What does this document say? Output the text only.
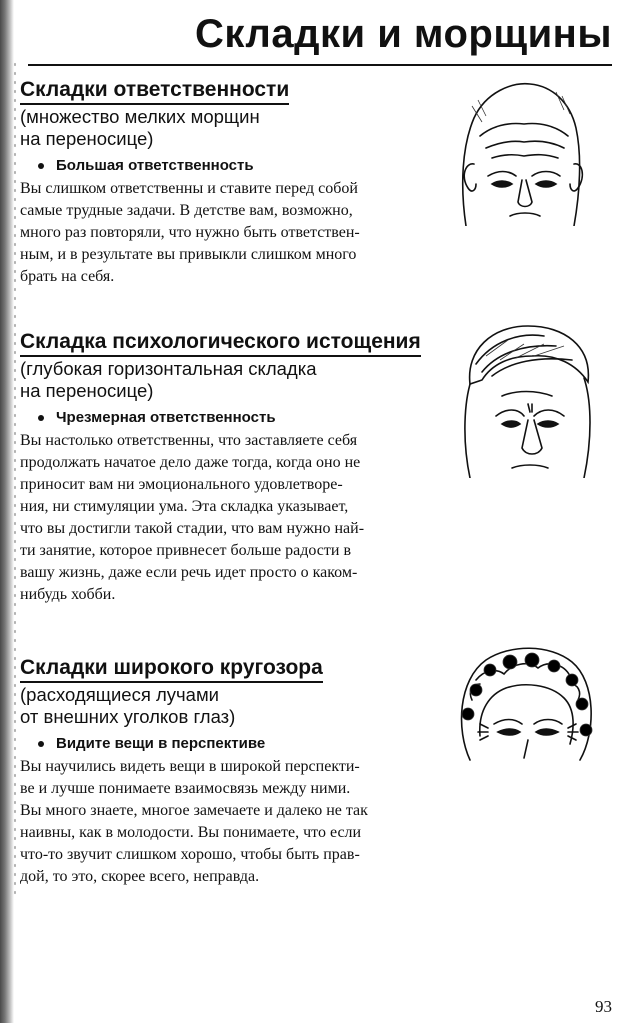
Складки и морщины
Складки ответственности

(множество мелких морщин

на переносице)

Большая ответственность

Вы слишком ответственны и ставите перед собой

самые трудные задачи. В детстве вам, возможно,

много раз повторяли, что нужно быть ответствен-

ным, и в результате вы привыкли слишком много

брать на себя.

Складка психологического истощения

(глубокая горизонтальная складка

на переносице)

Чрезмерная ответственность

Вы настолько ответственны, что заставляете себя

продолжать начатое дело даже тогда, когда оно не

приносит вам ни эмоционального удовлетворе-

ния, ни стимуляции ума. Эта складка указывает,

что вы достигли такой стадии, что вам нужно най-

ти занятие, которое привнесет больше радости в

вашу жизнь, даже если речь идет просто о каком-

нибудь хобби.

Складки широкого кругозора

(расходящиеся лучами

от внешних уголков глаз)

Видите вещи в перспективе

Вы научились видеть вещи в широкой перспекти-

ве и лучше понимаете взаимосвязь между ними.

Вы много знаете, многое замечаете и далеко не так

наивны, как в молодости. Вы понимаете, что если

что-то звучит слишком хорошо, чтобы быть прав-

дой, то это, скорее всего, неправда.

93
